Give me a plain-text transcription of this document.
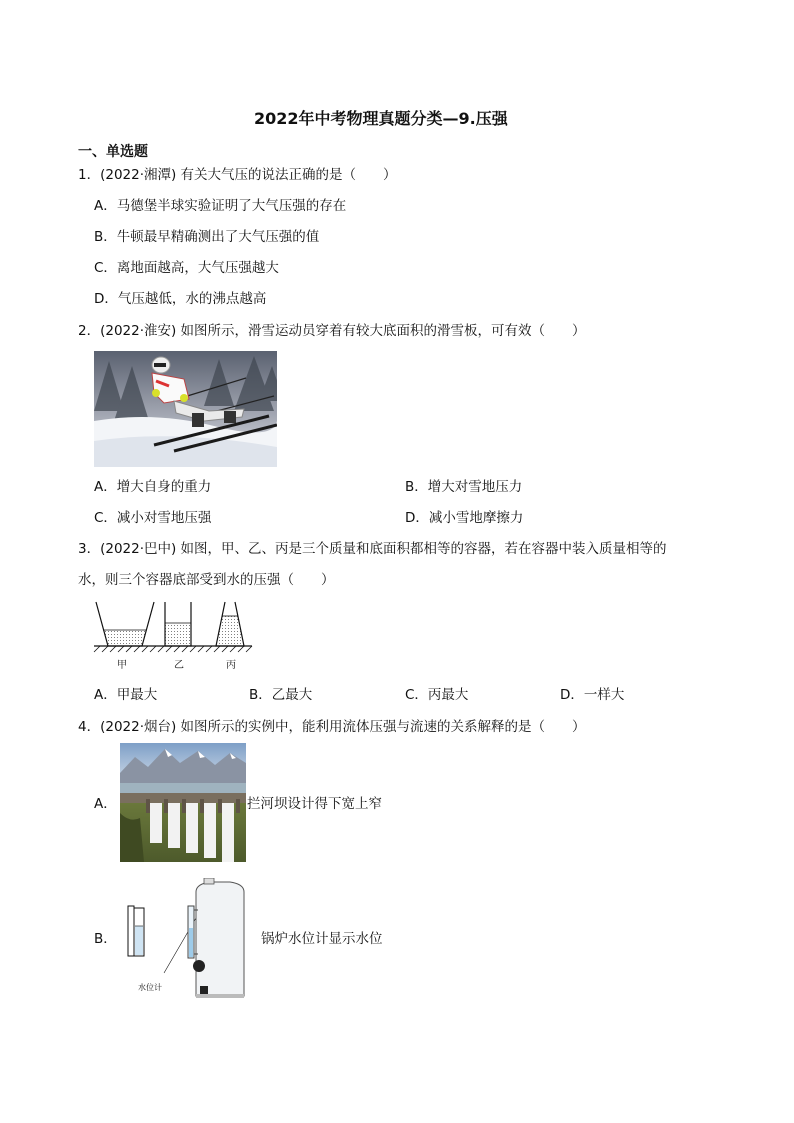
2022年中考物理真题分类—9.压强
一、单选题
1．(2022·湘潭) 有关大气压的说法正确的是（　　）
A．马德堡半球实验证明了大气压强的存在
B．牛顿最早精确测出了大气压强的值
C．离地面越高，大气压强越大
D．气压越低，水的沸点越高
2．(2022·淮安) 如图所示，滑雪运动员穿着有较大底面积的滑雪板，可有效（　　）
A．增大自身的重力	B．增大对雪地压力
C．减小对雪地压强	D．减小雪地摩擦力
3．(2022·巴中) 如图，甲、乙、丙是三个质量和底面积都相等的容器，若在容器中装入质量相等的
水，则三个容器底部受到水的压强（　　）
甲	乙	丙
A．甲最大	B．乙最大	C．丙最大	D．一样大
4．(2022·烟台) 如图所示的实例中，能利用流体压强与流速的关系解释的是（　　）
A．	拦河坝设计得下宽上窄
B．
水位计
锅炉水位计显示水位
